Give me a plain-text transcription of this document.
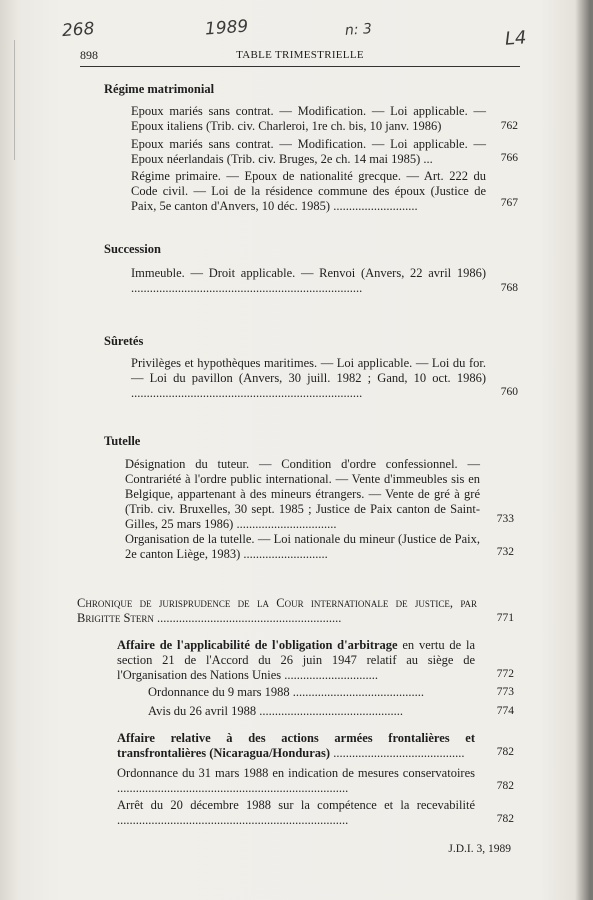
268	1989	n: 3	L4
898	TABLE TRIMESTRIELLE
Régime matrimonial
Epoux mariés sans contrat. — Modification. — Loi applicable. — Epoux italiens (Trib. civ. Charleroi, 1re ch. bis, 10 janv. 1986)	762
Epoux mariés sans contrat. — Modification. — Loi applicable. — Epoux néerlandais (Trib. civ. Bruges, 2e ch. 14 mai 1985) ...	766
Régime primaire. — Epoux de nationalité grecque. — Art. 222 du Code civil. — Loi de la résidence commune des époux (Justice de Paix, 5e canton d'Anvers, 10 déc. 1985) ...........................	767
Succession
Immeuble. — Droit applicable. — Renvoi (Anvers, 22 avril 1986) ..........................................................................	768
Sûretés
Privilèges et hypothèques maritimes. — Loi applicable. — Loi du for. — Loi du pavillon (Anvers, 30 juill. 1982 ; Gand, 10 oct. 1986) ..........................................................................	760
Tutelle
Désignation du tuteur. — Condition d'ordre confessionnel. — Contrariété à l'ordre public international. — Vente d'immeubles sis en Belgique, appartenant à des mineurs étrangers. — Vente de gré à gré (Trib. civ. Bruxelles, 30 sept. 1985 ; Justice de Paix canton de Saint-Gilles, 25 mars 1986) ................................	733
Organisation de la tutelle. — Loi nationale du mineur (Justice de Paix, 2e canton Liège, 1983) ...........................	732
Chronique de jurisprudence de la Cour internationale de justice, par Brigitte Stern ...........................................................	771
Affaire de l'applicabilité de l'obligation d'arbitrage en vertu de la section 21 de l'Accord du 26 juin 1947 relatif au siège de l'Organisation des Nations Unies ..............................	772
Ordonnance du 9 mars 1988 ..........................................	773
Avis du 26 avril 1988 ..............................................	774
Affaire relative à des actions armées frontalières et transfrontalières (Nicaragua/Honduras) ..........................................	782
Ordonnance du 31 mars 1988 en indication de mesures conservatoires ..........................................................................	782
Arrêt du 20 décembre 1988 sur la compétence et la recevabilité ..........................................................................	782
J.D.I. 3, 1989
